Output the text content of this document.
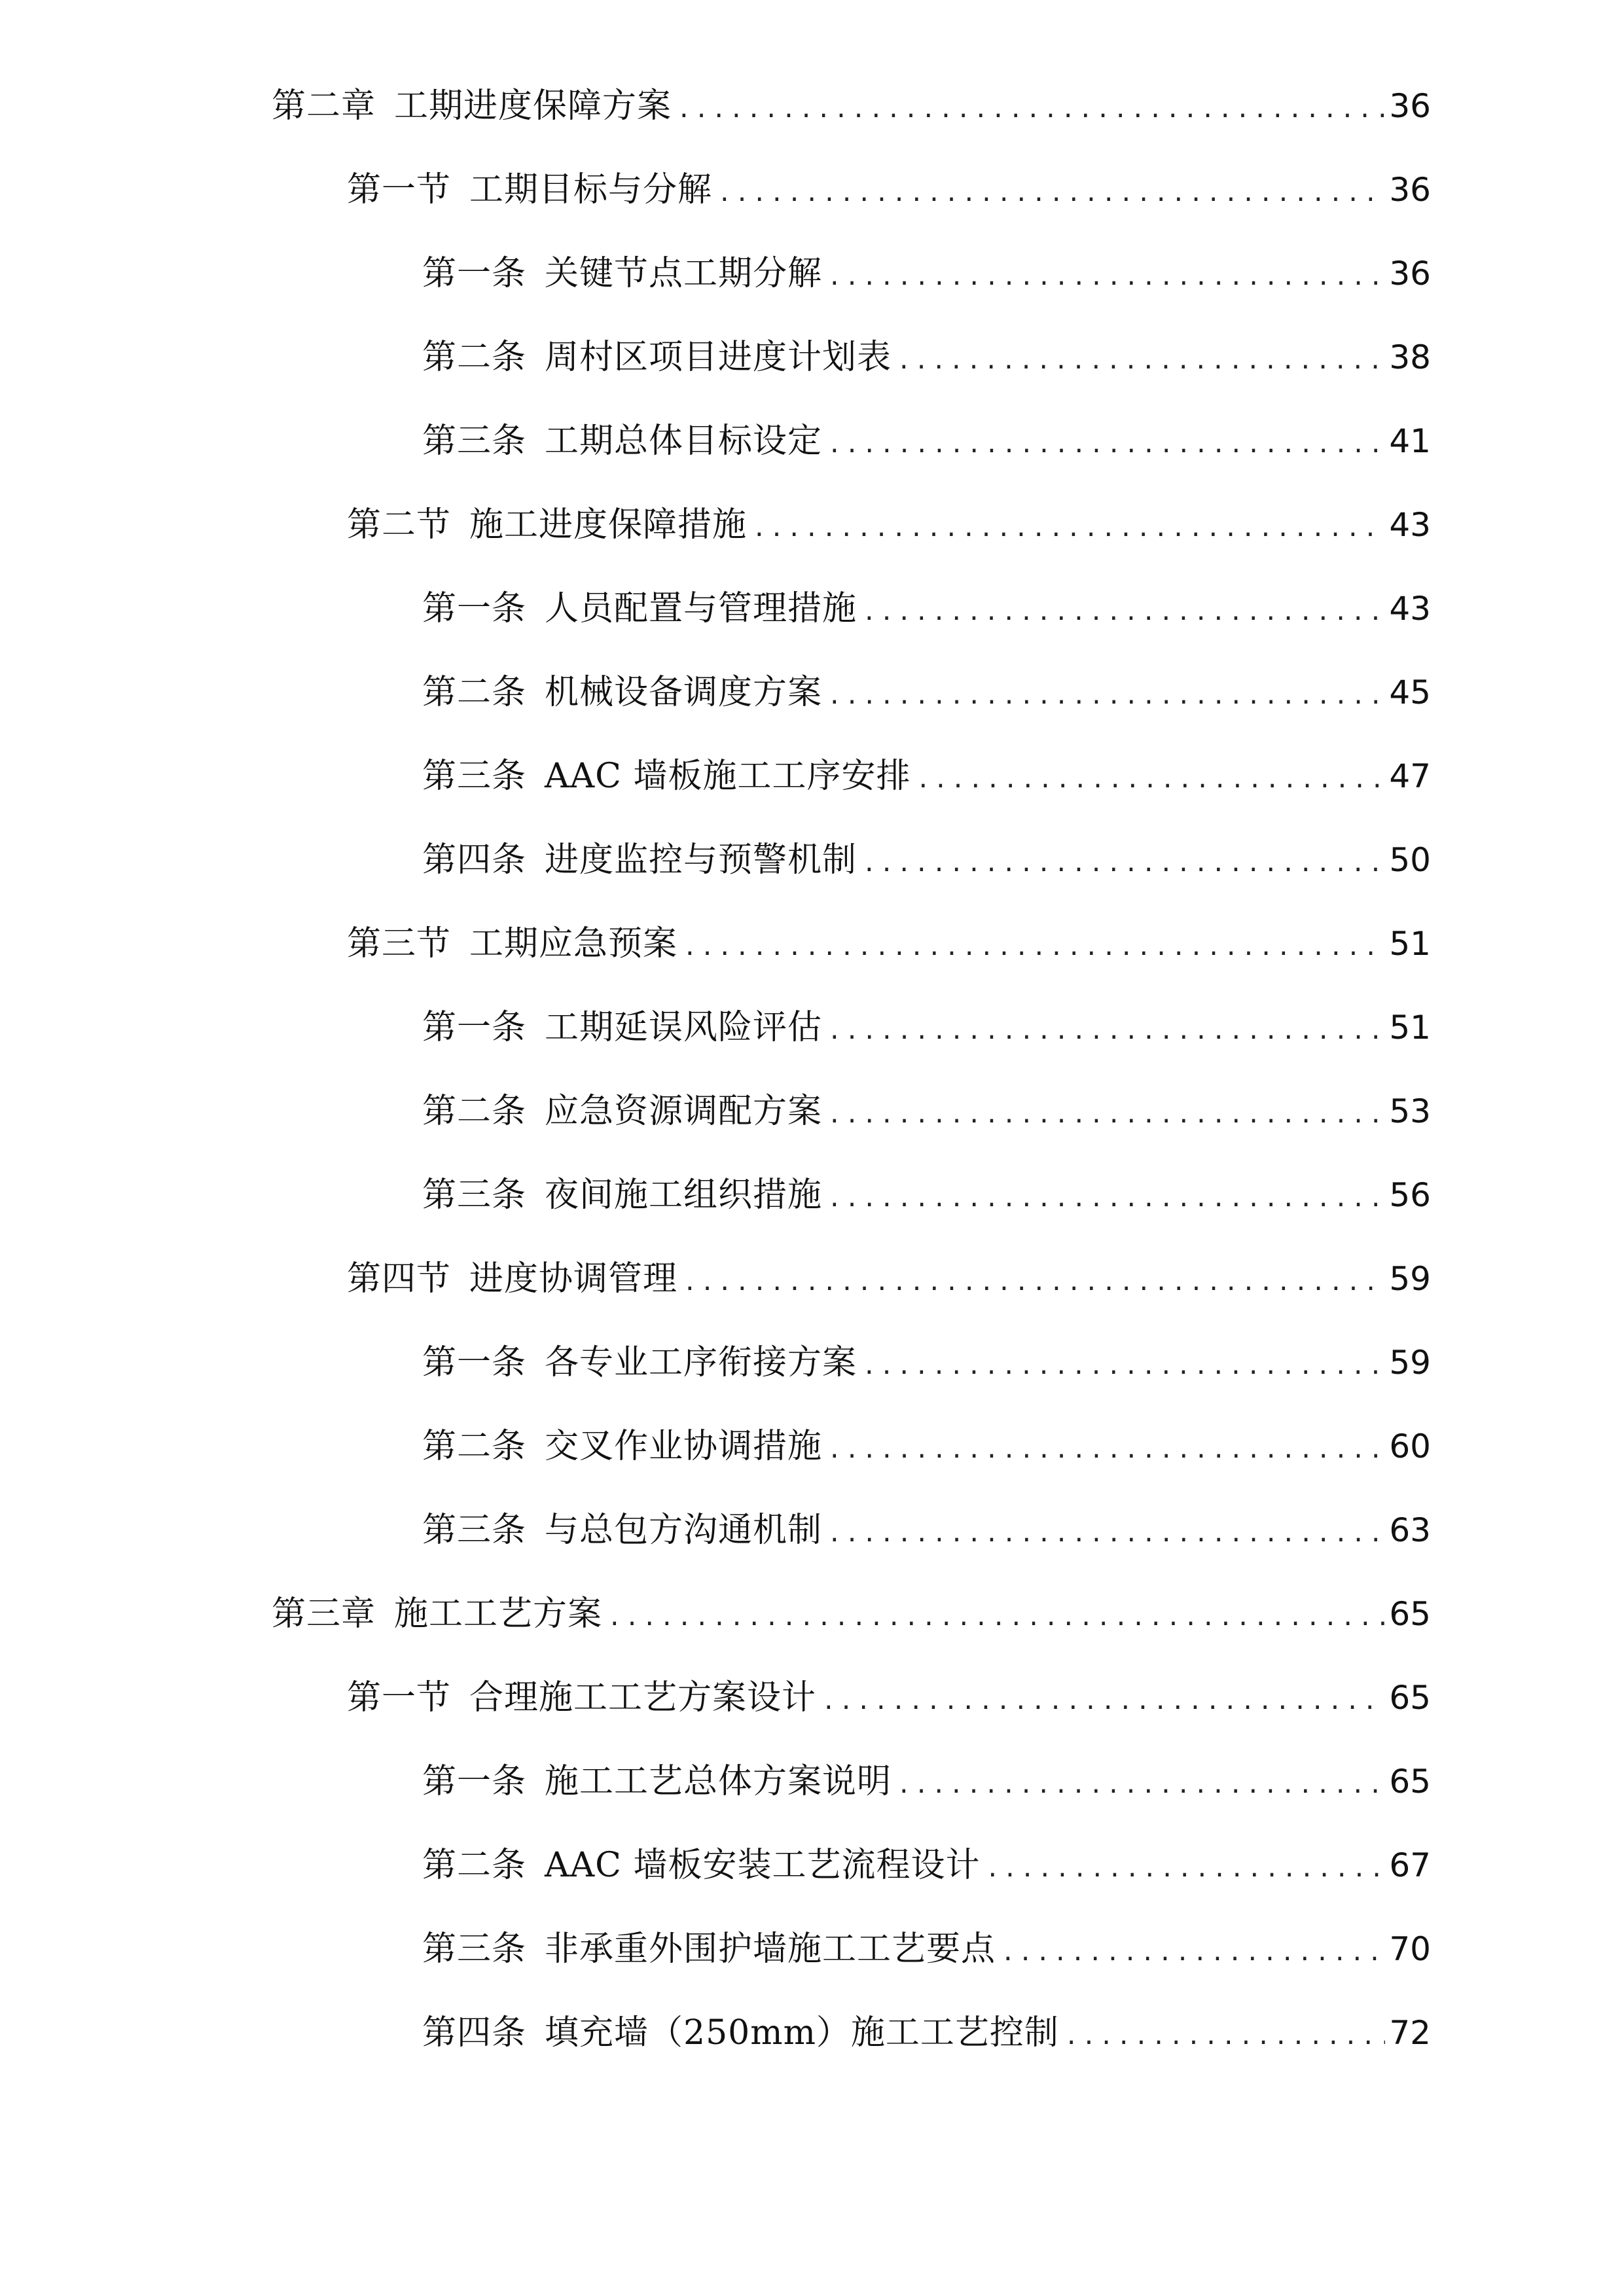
第二章 工期进度保障方案 .....	36
第一节 工期目标与分解 .....	36
第一条 关键节点工期分解 .....	36
第二条 周村区项目进度计划表 .....	38
第三条 工期总体目标设定 .....	41
第二节 施工进度保障措施 .....	43
第一条 人员配置与管理措施 .....	43
第二条 机械设备调度方案 .....	45
第三条 AAC 墙板施工工序安排 .....	47
第四条 进度监控与预警机制 .....	50
第三节 工期应急预案 .....	51
第一条 工期延误风险评估 .....	51
第二条 应急资源调配方案 .....	53
第三条 夜间施工组织措施 .....	56
第四节 进度协调管理 .....	59
第一条 各专业工序衔接方案 .....	59
第二条 交叉作业协调措施 .....	60
第三条 与总包方沟通机制 .....	63
第三章 施工工艺方案 .....	65
第一节 合理施工工艺方案设计 .....	65
第一条 施工工艺总体方案说明 .....	65
第二条 AAC 墙板安装工艺流程设计 .....	67
第三条 非承重外围护墙施工工艺要点 .....	70
第四条 填充墙（250mm）施工工艺控制 .....	72
